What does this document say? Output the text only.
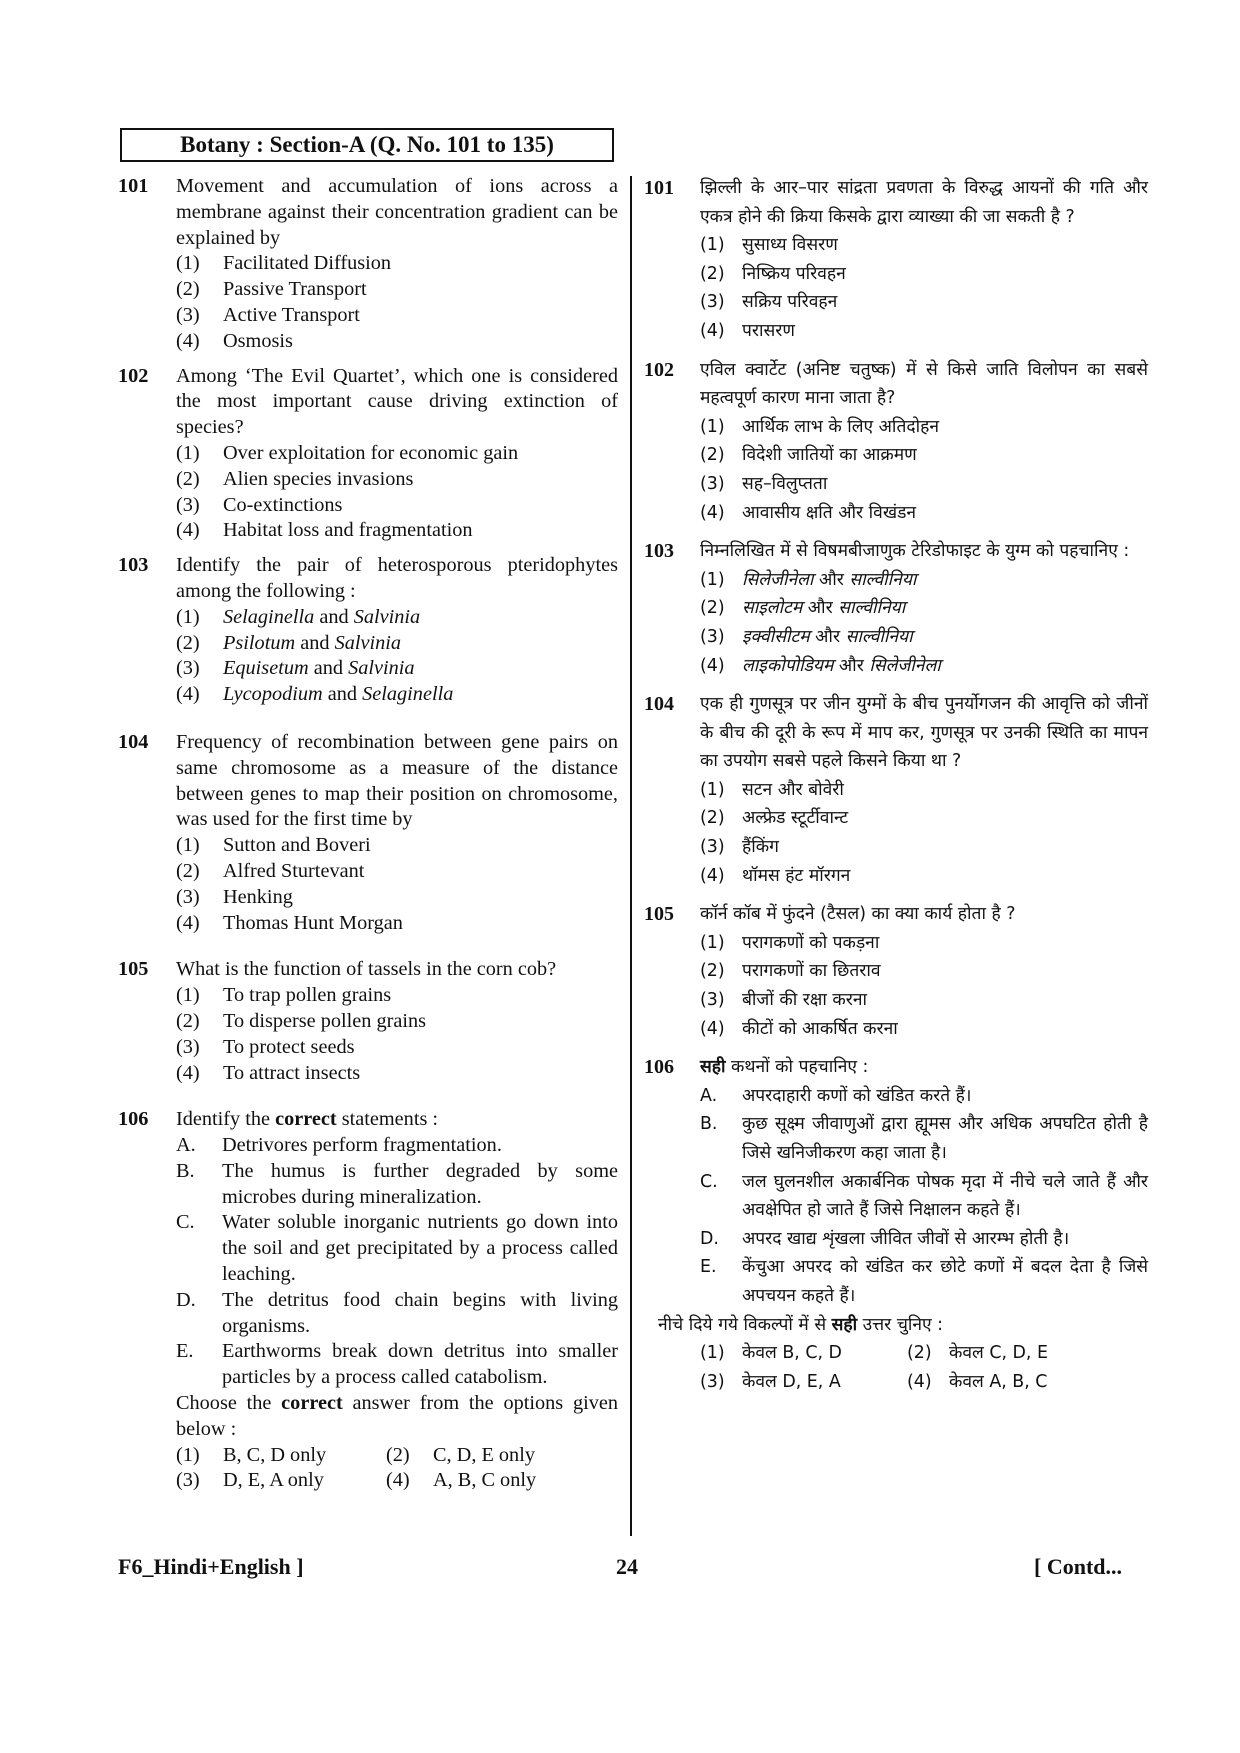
Botany : Section-A (Q. No. 101 to 135)
101	Movement and accumulation of ions across a membrane against their concentration gradient can be explained by
(1)	Facilitated Diffusion
(2)	Passive Transport
(3)	Active Transport
(4)	Osmosis
102	Among ‘The Evil Quartet’, which one is considered the most important cause driving extinction of species?
(1)	Over exploitation for economic gain
(2)	Alien species invasions
(3)	Co-extinctions
(4)	Habitat loss and fragmentation
103	Identify the pair of heterosporous pteridophytes among the following :
(1)	Selaginella and Salvinia
(2)	Psilotum and Salvinia
(3)	Equisetum and Salvinia
(4)	Lycopodium and Selaginella
104	Frequency of recombination between gene pairs on same chromosome as a measure of the distance between genes to map their position on chromosome, was used for the first time by
(1)	Sutton and Boveri
(2)	Alfred Sturtevant
(3)	Henking
(4)	Thomas Hunt Morgan
105	What is the function of tassels in the corn cob?
(1)	To trap pollen grains
(2)	To disperse pollen grains
(3)	To protect seeds
(4)	To attract insects
106	Identify the correct statements :
A.	Detrivores perform fragmentation.
B.	The humus is further degraded by some microbes during mineralization.
C.	Water soluble inorganic nutrients go down into the soil and get precipitated by a process called leaching.
D.	The detritus food chain begins with living organisms.
E.	Earthworms break down detritus into smaller particles by a process called catabolism.
Choose the correct answer from the options given below :
(1)	B, C, D only	(2)	C, D, E only
(3)	D, E, A only	(4)	A, B, C only
101	झिल्ली के आर–पार सांद्रता प्रवणता के विरुद्ध आयनों की गति और एकत्र होने की क्रिया किसके द्वारा व्याख्या की जा सकती है ?
(1) सुसाध्य विसरण
(2) निष्क्रिय परिवहन
(3) सक्रिय परिवहन
(4) परासरण
102	एविल क्वार्टेट (अनिष्ट चतुष्क) में से किसे जाति विलोपन का सबसे महत्वपूर्ण कारण माना जाता है?
(1) आर्थिक लाभ के लिए अतिदोहन
(2) विदेशी जातियों का आक्रमण
(3) सह–विलुप्तता
(4) आवासीय क्षति और विखंडन
103	निम्नलिखित में से विषमबीजाणुक टेरिडोफाइट के युग्म को पहचानिए :
(1) सिलेजीनेला और साल्वीनिया
(2) साइलोटम और साल्वीनिया
(3) इक्वीसीटम और साल्वीनिया
(4) लाइकोपोडियम और सिलेजीनेला
104	एक ही गुणसूत्र पर जीन युग्मों के बीच पुनर्योगजन की आवृत्ति को जीनों के बीच की दूरी के रूप में माप कर, गुणसूत्र पर उनकी स्थिति का मापन का उपयोग सबसे पहले किसने किया था ?
(1) सटन और बोवेरी
(2) अल्फ्रेड स्टूर्टीवान्ट
(3) हैंकिंग
(4) थॉमस हंट मॉरगन
105	कॉर्न कॉब में फुंदने (टैसल) का क्या कार्य होता है ?
(1) परागकणों को पकड़ना
(2) परागकणों का छितराव
(3) बीजों की रक्षा करना
(4) कीटों को आकर्षित करना
106	सही कथनों को पहचानिए :
A.	अपरदाहारी कणों को खंडित करते हैं।
B.	कुछ सूक्ष्म जीवाणुओं द्वारा ह्यूमस और अधिक अपघटित होती है जिसे खनिजीकरण कहा जाता है।
C.	जल घुलनशील अकार्बनिक पोषक मृदा में नीचे चले जाते हैं और अवक्षेपित हो जाते हैं जिसे निक्षालन कहते हैं।
D.	अपरद खाद्य शृंखला जीवित जीवों से आरम्भ होती है।
E.	केंचुआ अपरद को खंडित कर छोटे कणों में बदल देता है जिसे अपचयन कहते हैं।
नीचे दिये गये विकल्पों में से सही उत्तर चुनिए :
(1) केवल B, C, D	(2) केवल C, D, E
(3) केवल D, E, A	(4) केवल A, B, C
F6_Hindi+English ]	24	[ Contd...
